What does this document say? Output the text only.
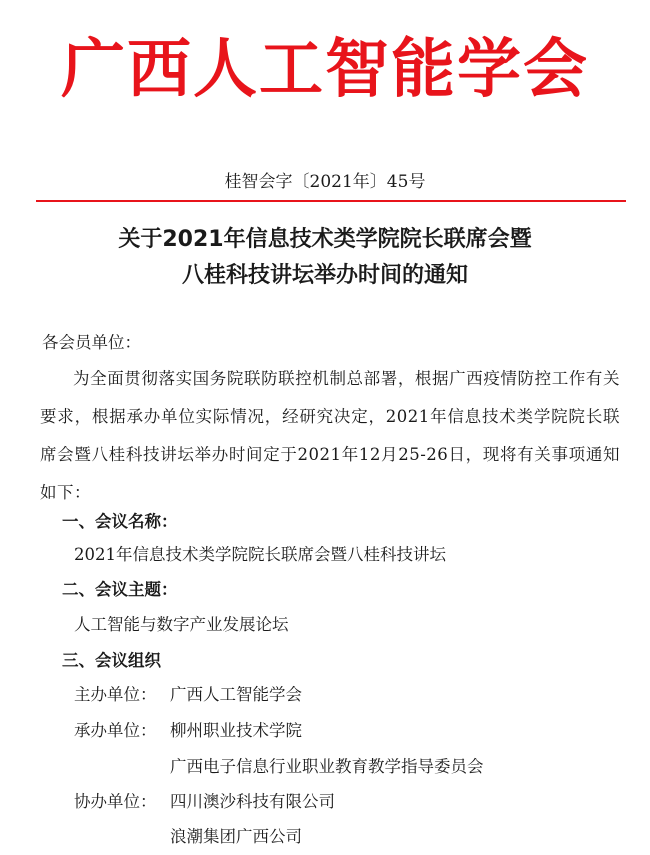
广西人工智能学会
桂智会字〔2021年〕45号
关于2021年信息技术类学院院长联席会暨
八桂科技讲坛举办时间的通知
各会员单位：
为全面贯彻落实国务院联防联控机制总部署，根据广西疫情防控工作有关要求，根据承办单位实际情况，经研究决定，2021年信息技术类学院院长联席会暨八桂科技讲坛举办时间定于2021年12月25-26日，现将有关事项通知如下：
一、会议名称：
2021年信息技术类学院院长联席会暨八桂科技讲坛
二、会议主题：
人工智能与数字产业发展论坛
三、会议组织
主办单位： 广西人工智能学会
承办单位： 柳州职业技术学院
广西电子信息行业职业教育教学指导委员会
协办单位： 四川澳沙科技有限公司
浪潮集团广西公司
